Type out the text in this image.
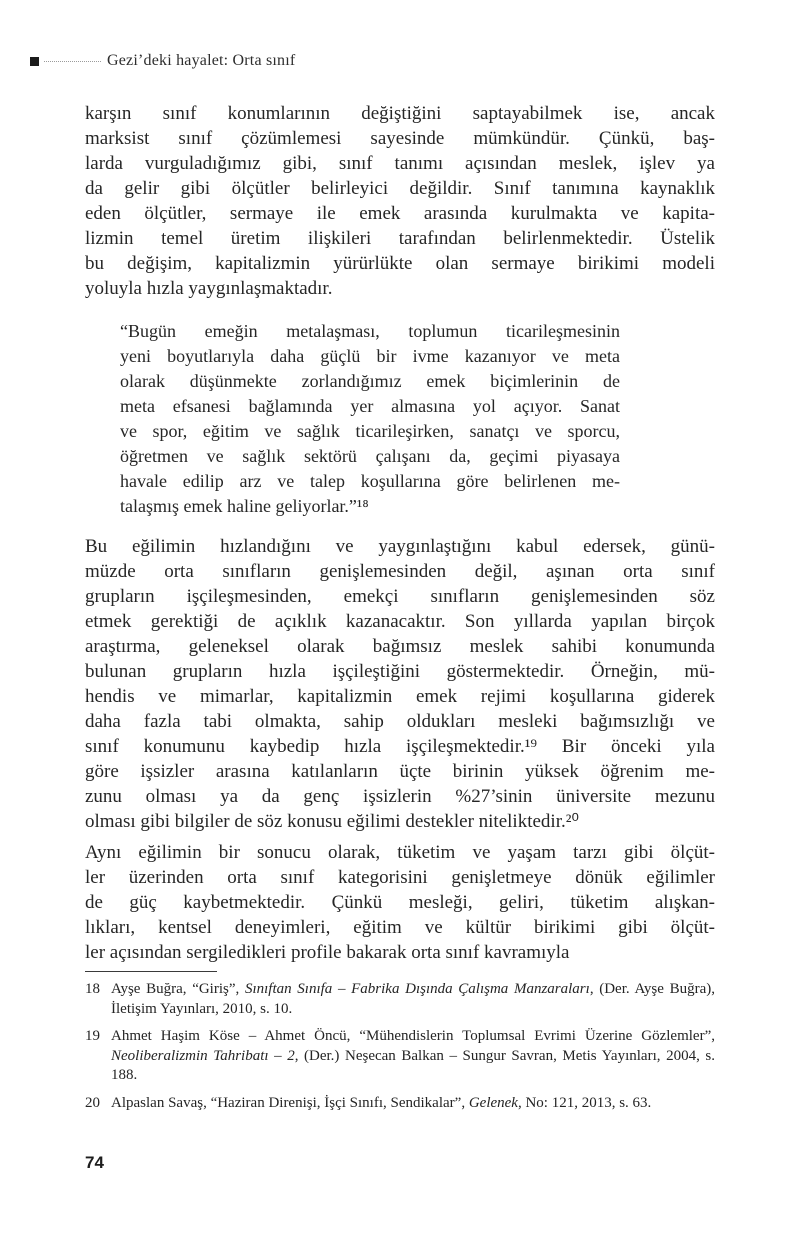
Gezi’deki hayalet: Orta sınıf
karşın sınıf konumlarının değiştiğini saptayabilmek ise, ancak
marksist sınıf çözümlemesi sayesinde mümkündür. Çünkü, baş-
larda vurguladığımız gibi, sınıf tanımı açısından meslek, işlev ya
da gelir gibi ölçütler belirleyici değildir. Sınıf tanımına kaynaklık
eden ölçütler, sermaye ile emek arasında kurulmakta ve kapita-
lizmin temel üretim ilişkileri tarafından belirlenmektedir. Üstelik
bu değişim, kapitalizmin yürürlükte olan sermaye birikimi modeli
yoluyla hızla yaygınlaşmaktadır.
“Bugün emeğin metalaşması, toplumun ticarileşmesinin
yeni boyutlarıyla daha güçlü bir ivme kazanıyor ve meta
olarak düşünmekte zorlandığımız emek biçimlerinin de
meta efsanesi bağlamında yer almasına yol açıyor. Sanat
ve spor, eğitim ve sağlık ticarileşirken, sanatçı ve sporcu,
öğretmen ve sağlık sektörü çalışanı da, geçimi piyasaya
havale edilip arz ve talep koşullarına göre belirlenen me-
talaşmış emek haline geliyorlar.”¹⁸
Bu eğilimin hızlandığını ve yaygınlaştığını kabul edersek, günü-
müzde orta sınıfların genişlemesinden değil, aşınan orta sınıf
grupların işçileşmesinden, emekçi sınıfların genişlemesinden söz
etmek gerektiği de açıklık kazanacaktır. Son yıllarda yapılan birçok
araştırma, geleneksel olarak bağımsız meslek sahibi konumunda
bulunan grupların hızla işçileştiğini göstermektedir. Örneğin, mü-
hendis ve mimarlar, kapitalizmin emek rejimi koşullarına giderek
daha fazla tabi olmakta, sahip oldukları mesleki bağımsızlığı ve
sınıf konumunu kaybedip hızla işçileşmektedir.¹⁹ Bir önceki yıla
göre işsizler arasına katılanların üçte birinin yüksek öğrenim me-
zunu olması ya da genç işsizlerin %27’sinin üniversite mezunu
olması gibi bilgiler de söz konusu eğilimi destekler niteliktedir.²⁰
Aynı eğilimin bir sonucu olarak, tüketim ve yaşam tarzı gibi ölçüt-
ler üzerinden orta sınıf kategorisini genişletmeye dönük eğilimler
de güç kaybetmektedir. Çünkü mesleği, geliri, tüketim alışkan-
lıkları, kentsel deneyimleri, eğitim ve kültür birikimi gibi ölçüt-
ler açısından sergiledikleri profile bakarak orta sınıf kavramıyla
18 Ayşe Buğra, “Giriş”, Sınıftan Sınıfa – Fabrika Dışında Çalışma Manzaraları, (Der. Ayşe Buğra), İletişim Yayınları, 2010, s. 10.
19 Ahmet Haşim Köse – Ahmet Öncü, “Mühendislerin Toplumsal Evrimi Üzerine Gözlemler”, Neoliberalizmin Tahribatı – 2, (Der.) Neşecan Balkan – Sungur Savran, Metis Yayınları, 2004, s. 188.
20 Alpaslan Savaş, “Haziran Direnişi, İşçi Sınıfı, Sendikalar”, Gelenek, No: 121, 2013, s. 63.
74
